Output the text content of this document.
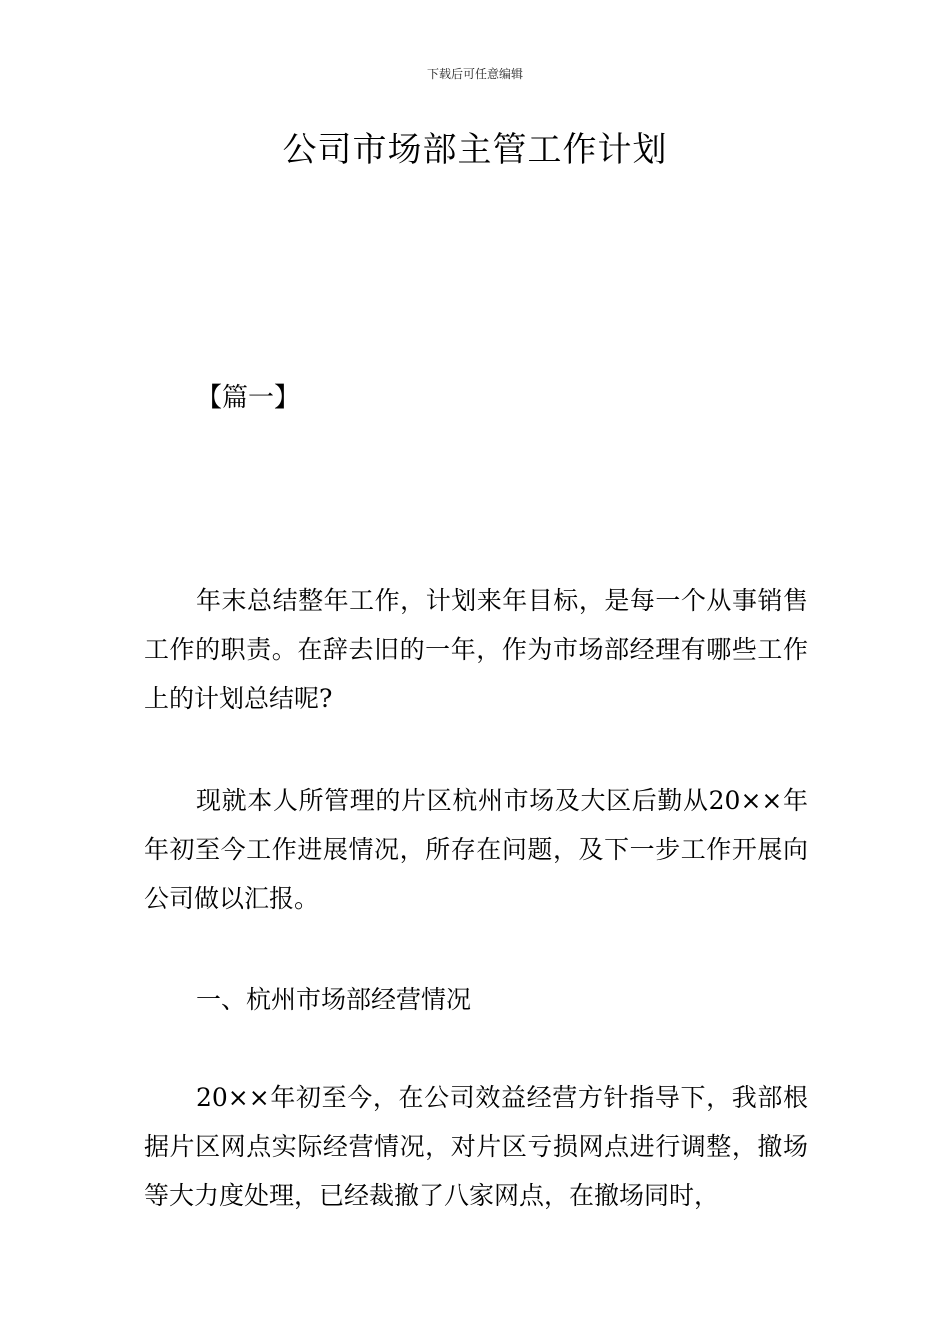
下载后可任意编辑
公司市场部主管工作计划
【篇一】

年末总结整年工作，计划来年目标，是每一个从事销售工作的职责。在辞去旧的一年，作为市场部经理有哪些工作上的计划总结呢?

现就本人所管理的片区杭州市场及大区后勤从20××年年初至今工作进展情况，所存在问题，及下一步工作开展向公司做以汇报。

一、杭州市场部经营情况

20××年初至今，在公司效益经营方针指导下，我部根据片区网点实际经营情况，对片区亏损网点进行调整，撤场等大力度处理，已经裁撤了八家网点，在撤场同时，
